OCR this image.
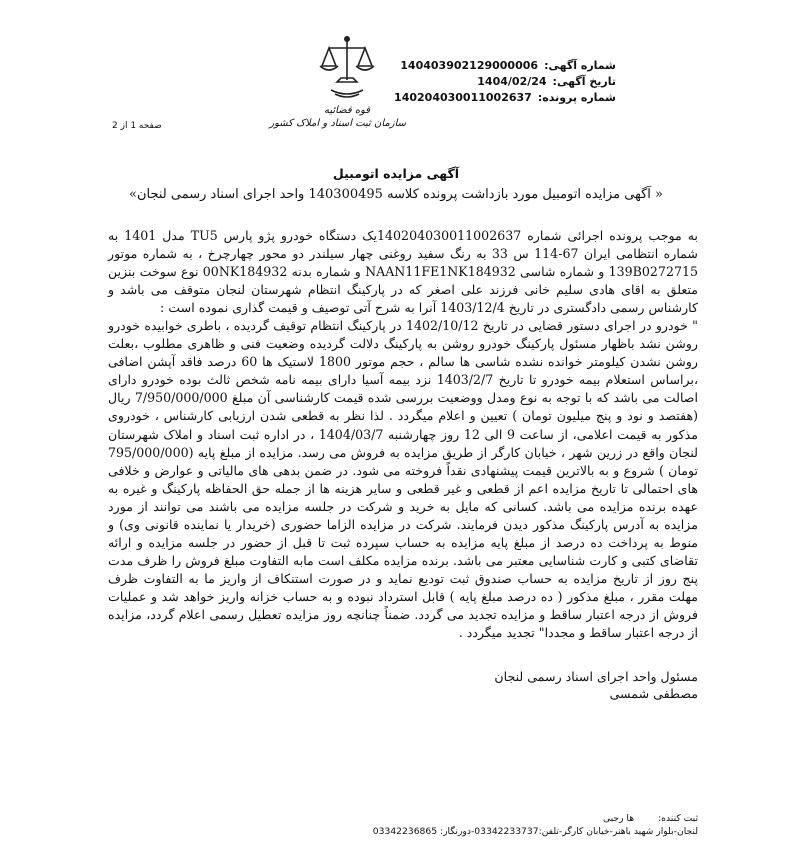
شماره آگهی:140403902129000006
تاریخ آگهی:1404/02/24
شماره پرونده:140204030011002637
قوه قضائیه
سازمان ثبت اسناد و املاک کشور
صفحه 1 از 2
آگهی مزایده اتومبیل
« آگهی مزایده اتومبیل مورد بازداشت پرونده کلاسه 140300495 واحد اجرای اسناد رسمی لنجان»

به موجب پرونده اجرائی شماره 140204030011002637یک دستگاه خودرو پژو پارس TU5 مدل 1401 به شماره انتظامی ایران 67-114 س 33 به رنگ سفید روغنی چهار سیلندر دو محور چهارچرخ ، به شماره موتور 139B0272715 و شماره شاسی NAAN11FE1NK184932 و شماره بدنه 00NK184932 نوع سوخت بنزین متعلق به اقای هادی سلیم خانی فرزند علی اصغر که در پارکینگ انتظام شهرستان لنجان متوقف می باشد و کارشناس رسمی دادگستری در تاریخ 1403/12/4 آنرا به شرح آتی توصیف و قیمت گذاری نموده است :

" خودرو در اجرای دستور قضایی در تاریخ 1402/10/12 در پارکینگ انتظام توقیف گردیده ، باطری خوابیده خودرو روشن نشد باظهار مسئول پارکینگ خودرو روشن به پارکینگ دلالت گردیده وضعیت فنی و ظاهری مطلوب ،بعلت روشن نشدن کیلومتر خوانده نشده شاسی ها سالم ، حجم موتور 1800 لاستیک ها 60 درصد فاقد آپشن اضافی ،براساس استعلام بیمه خودرو تا تاریخ 1403/2/7 نزد بیمه آسیا دارای بیمه نامه شخص ثالث بوده خودرو دارای اصالت می باشد که با توجه به نوع ومدل ووضعیت بررسی شده قیمت کارشناسی آن مبلغ 7/950/000/000 ریال (هفتصد و نود و پنج میلیون تومان ) تعیین و اعلام میگردد . لذا نظر به قطعی شدن ارزیابی کارشناس ، خودروی مذکور به قیمت اعلامی، از ساعت 9 الی 12 روز چهارشنبه 1404/03/7 ، در اداره ثبت اسناد و املاک شهرستان لنجان واقع در زرین شهر ، خیابان کارگر از طریق مزایده به فروش می رسد. مزایده از مبلغ پایه (795/000/000 تومان ) شروع و به بالاترین قیمت پیشنهادی نقداً فروخته می شود. در ضمن بدهی های مالیاتی و عوارض و خلافی های احتمالی تا تاریخ مزایده اعم از قطعی و غیر قطعی و سایر هزینه ها از جمله حق الحفاظه پارکینگ و غیره به عهده برنده مزایده می باشد. کسانی که مایل به خرید و شرکت در جلسه مزایده می باشند می توانند از مورد مزایده به آدرس پارکینگ مذکور دیدن فرمایند. شرکت در مزایده الزاما حضوری (خریدار یا نماینده قانونی وی) و منوط به پرداخت ده درصد از مبلغ پایه مزایده به حساب سپرده ثبت تا قبل از حضور در جلسه مزایده و ارائه تقاضای کتبی و کارت شناسایی معتبر می باشد. برنده مزایده مکلف است مابه التفاوت مبلغ فروش را ظرف مدت پنج روز از تاریخ مزایده به حساب صندوق ثبت تودیع نماید و در صورت استنکاف از واریز ما به التفاوت ظرف مهلت مقرر ، مبلغ مذکور ( ده درصد مبلغ پایه ) قابل استرداد نبوده و به حساب خزانه واریز خواهد شد و عملیات فروش از درجه اعتبار ساقط و مزایده تجدید می گردد. ضمناً چنانچه روز مزایده تعطیل رسمی اعلام گردد، مزایده از درجه اعتبار ساقط و مجددا" تجدید میگردد .

مسئول واحد اجرای اسناد رسمی لنجان
مصطفی شمسی
ثبت کننده:ها رجبی
لنجان-بلوار شهید باهنر-خیابان کارگر-تلفن:03342233737-دورنگار: 03342236865
